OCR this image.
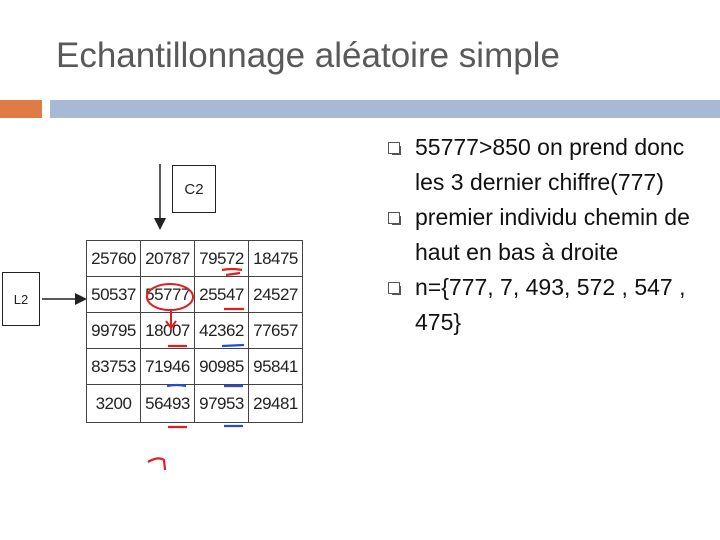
Echantillonnage aléatoire simple
C2
L2
25760	20787	79572	18475
50537	55777	25547	24527
99795	18007	42362	77657
83753	71946	90985	95841
3200	56493	97953	29481

55777>850 on prend donc les 3 dernier chiffre(777)

premier individu chemin de haut en bas à droite

n={777, 7, 493, 572 , 547 , 475}
